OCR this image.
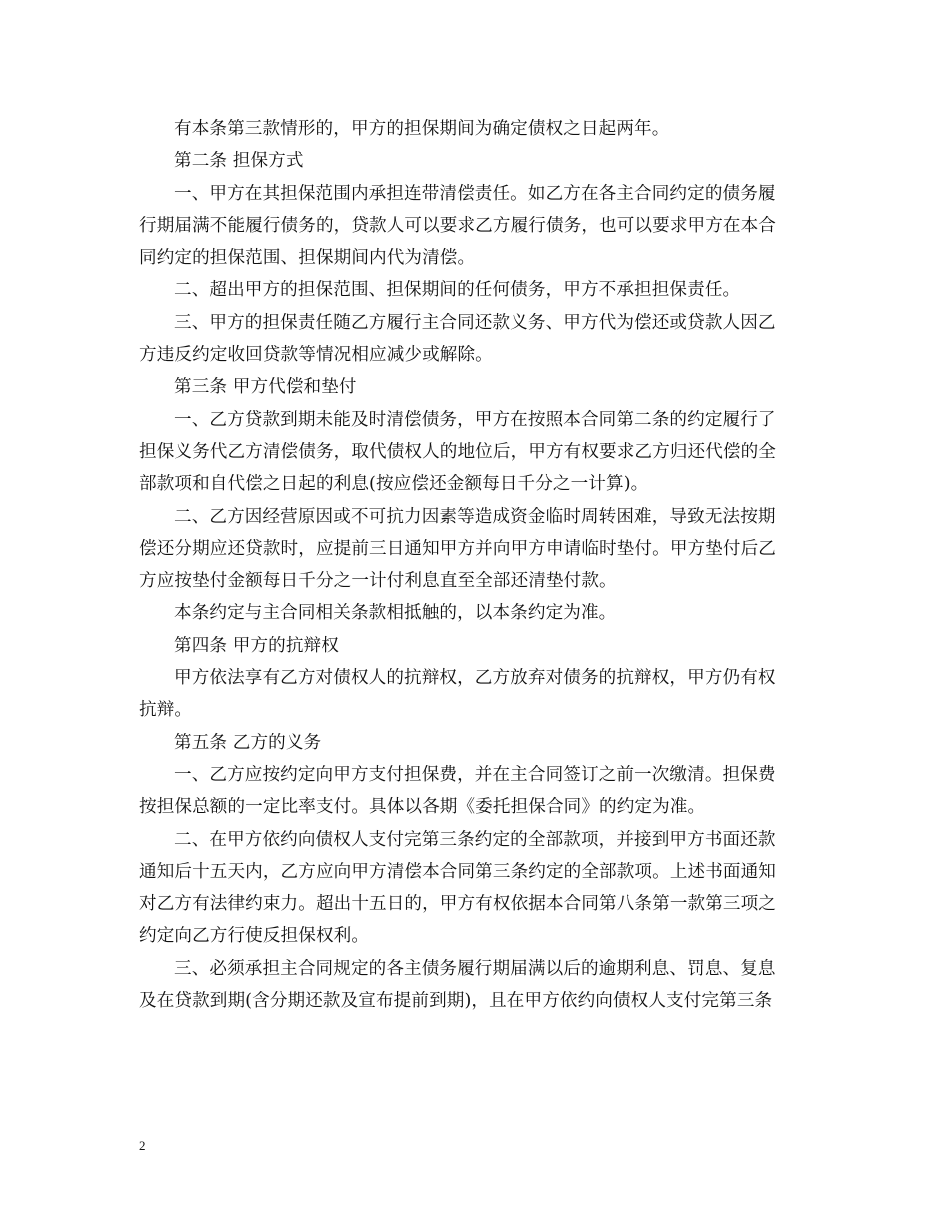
有本条第三款情形的，甲方的担保期间为确定债权之日起两年。
第二条 担保方式
一、甲方在其担保范围内承担连带清偿责任。如乙方在各主合同约定的债务履
行期届满不能履行债务的，贷款人可以要求乙方履行债务，也可以要求甲方在本合
同约定的担保范围、担保期间内代为清偿。
二、超出甲方的担保范围、担保期间的任何债务，甲方不承担担保责任。
三、甲方的担保责任随乙方履行主合同还款义务、甲方代为偿还或贷款人因乙
方违反约定收回贷款等情况相应减少或解除。
第三条 甲方代偿和垫付
一、乙方贷款到期未能及时清偿债务，甲方在按照本合同第二条的约定履行了
担保义务代乙方清偿债务，取代债权人的地位后，甲方有权要求乙方归还代偿的全
部款项和自代偿之日起的利息(按应偿还金额每日千分之一计算)。
二、乙方因经营原因或不可抗力因素等造成资金临时周转困难，导致无法按期
偿还分期应还贷款时，应提前三日通知甲方并向甲方申请临时垫付。甲方垫付后乙
方应按垫付金额每日千分之一计付利息直至全部还清垫付款。
本条约定与主合同相关条款相抵触的，以本条约定为准。
第四条 甲方的抗辩权
甲方依法享有乙方对债权人的抗辩权，乙方放弃对债务的抗辩权，甲方仍有权
抗辩。
第五条 乙方的义务
一、乙方应按约定向甲方支付担保费，并在主合同签订之前一次缴清。担保费
按担保总额的一定比率支付。具体以各期《委托担保合同》的约定为准。
二、在甲方依约向债权人支付完第三条约定的全部款项，并接到甲方书面还款
通知后十五天内，乙方应向甲方清偿本合同第三条约定的全部款项。上述书面通知
对乙方有法律约束力。超出十五日的，甲方有权依据本合同第八条第一款第三项之
约定向乙方行使反担保权利。
三、必须承担主合同规定的各主债务履行期届满以后的逾期利息、罚息、复息
及在贷款到期(含分期还款及宣布提前到期)，且在甲方依约向债权人支付完第三条
2
